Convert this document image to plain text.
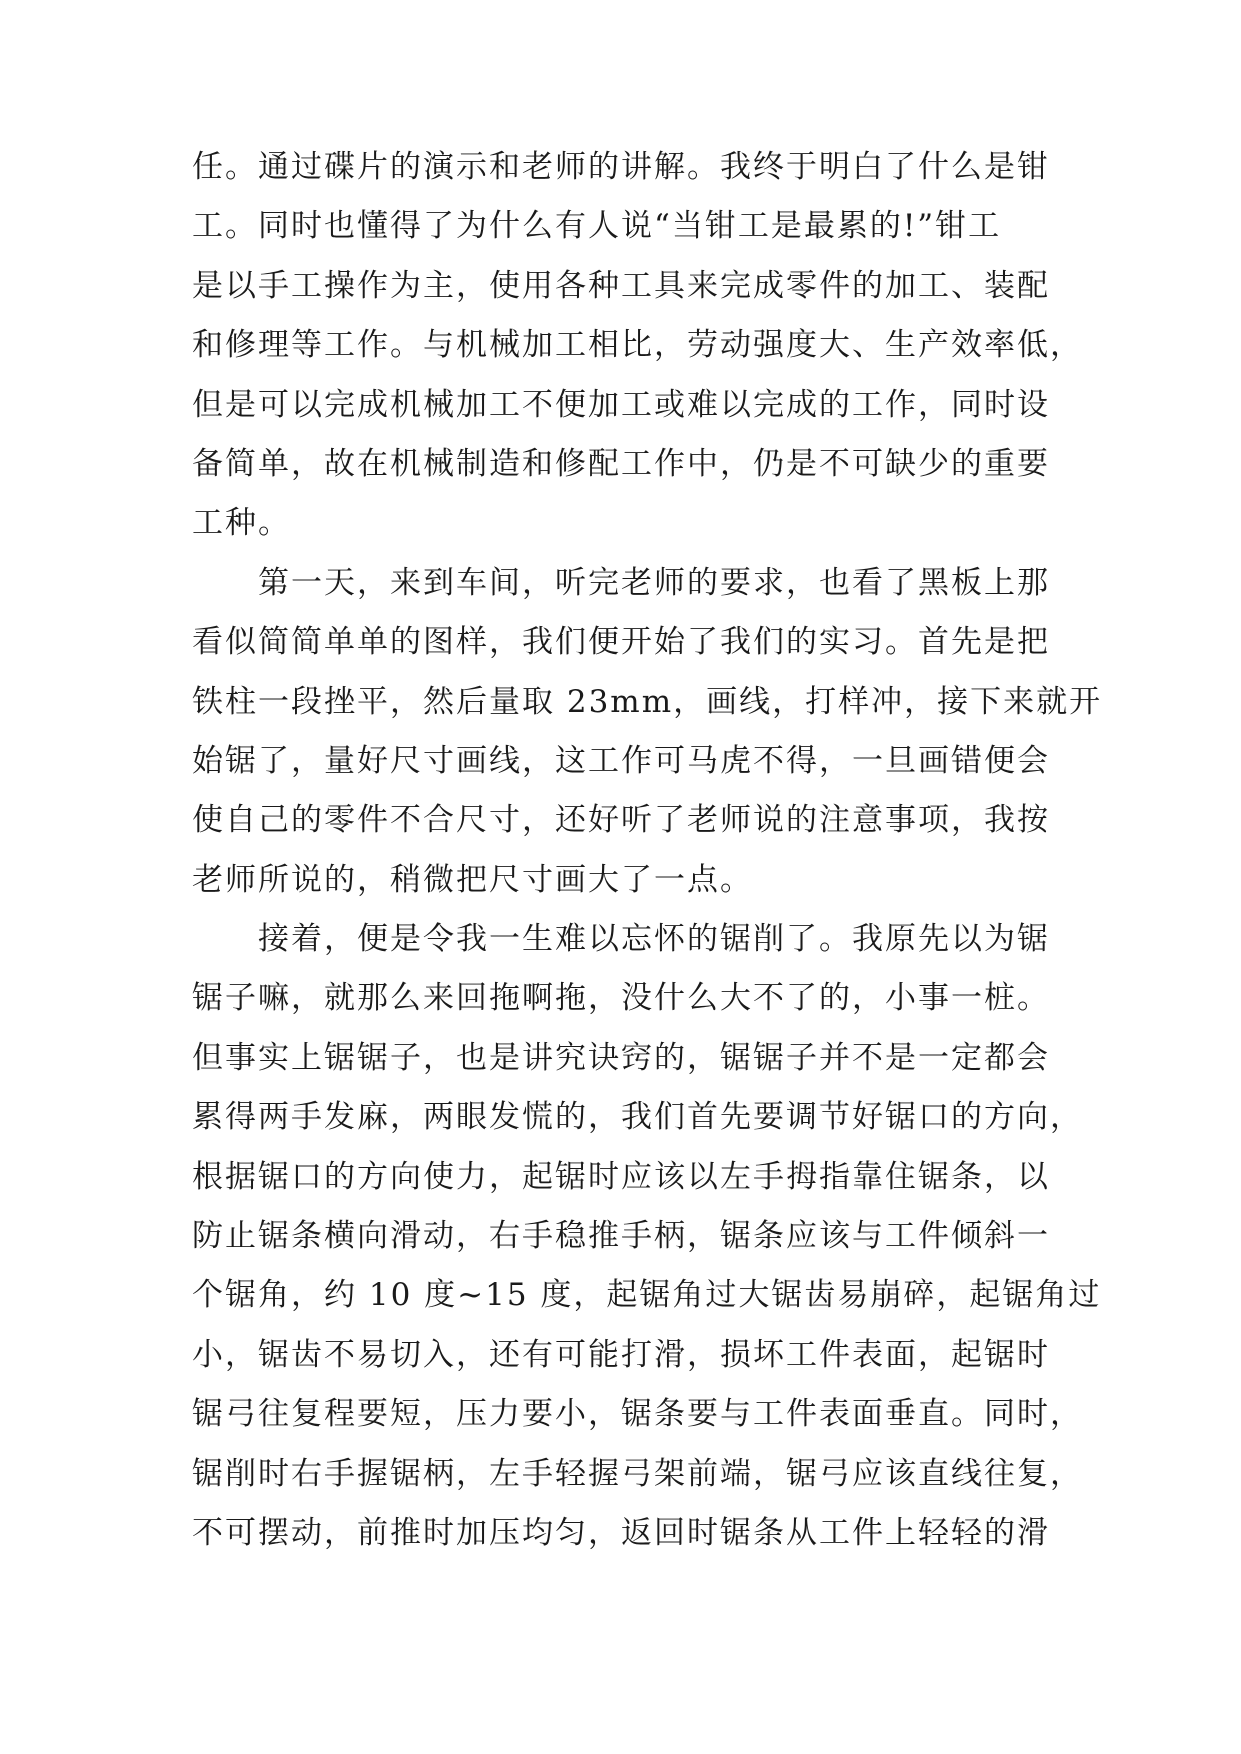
任。通过碟片的演示和老师的讲解。我终于明白了什么是钳
工。同时也懂得了为什么有人说“当钳工是最累的!”钳工
是以手工操作为主，使用各种工具来完成零件的加工、装配
和修理等工作。与机械加工相比，劳动强度大、生产效率低，
但是可以完成机械加工不便加工或难以完成的工作，同时设
备简单，故在机械制造和修配工作中，仍是不可缺少的重要
工种。
第一天，来到车间，听完老师的要求，也看了黑板上那
看似简简单单的图样，我们便开始了我们的实习。首先是把
铁柱一段挫平，然后量取 23mm，画线，打样冲，接下来就开
始锯了，量好尺寸画线，这工作可马虎不得，一旦画错便会
使自己的零件不合尺寸，还好听了老师说的注意事项，我按
老师所说的，稍微把尺寸画大了一点。
接着，便是令我一生难以忘怀的锯削了。我原先以为锯
锯子嘛，就那么来回拖啊拖，没什么大不了的，小事一桩。
但事实上锯锯子，也是讲究诀窍的，锯锯子并不是一定都会
累得两手发麻，两眼发慌的，我们首先要调节好锯口的方向，
根据锯口的方向使力，起锯时应该以左手拇指靠住锯条，以
防止锯条横向滑动，右手稳推手柄，锯条应该与工件倾斜一
个锯角，约 10 度~15 度，起锯角过大锯齿易崩碎，起锯角过
小，锯齿不易切入，还有可能打滑，损坏工件表面，起锯时
锯弓往复程要短，压力要小，锯条要与工件表面垂直。同时，
锯削时右手握锯柄，左手轻握弓架前端，锯弓应该直线往复，
不可摆动，前推时加压均匀，返回时锯条从工件上轻轻的滑
